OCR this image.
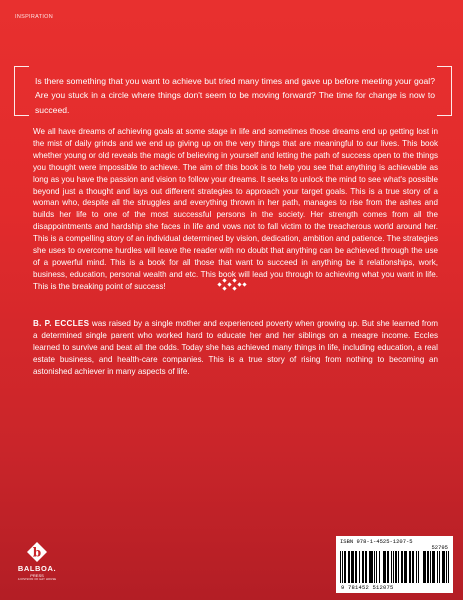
INSPIRATION

Is there something that you want to achieve but tried many times and gave up before meeting your goal? Are you stuck in a circle where things don't seem to be moving forward? The time for change is now to succeed.

We all have dreams of achieving goals at some stage in life and sometimes those dreams end up getting lost in the mist of daily grinds and we end up giving up on the very things that are meaningful to our lives. This book whether young or old reveals the magic of believing in yourself and letting the path of success open to the things you thought were impossible to achieve. The aim of this book is to help you see that anything is achievable as long as you have the passion and vision to follow your dreams. It seeks to unlock the mind to see what's possible beyond just a thought and lays out different strategies to approach your target goals. This is a true story of a woman who, despite all the struggles and everything thrown in her path, manages to rise from the ashes and builds her life to one of the most successful persons in the society. Her strength comes from all the disappointments and hardship she faces in life and vows not to fall victim to the treacherous world around her. This is a compelling story of an individual determined by vision, dedication, ambition and patience. The strategies she uses to overcome hurdles will leave the reader with no doubt that anything can be achieved through the use of a powerful mind. This is a book for all those that want to succeed in anything be it relationships, work, business, education, personal wealth and etc. This book will lead you through to achieving what you want in life. This is the breaking point of success!

B. P. ECCLES was raised by a single mother and experienced poverty when growing up. But she learned from a determined single parent who worked hard to educate her and her siblings on a meagre income. Eccles learned to survive and beat all the odds. Today she has achieved many things in life, including education, a real estate business, and health-care companies. This is a true story of rising from nothing to becoming an astonished achiever in many aspects of life.

b
BALBOA.
PRESS
A DIVISION OF HAY HOUSE
ISBN 978-1-4525-1207-5
52795
9 781452 512075
